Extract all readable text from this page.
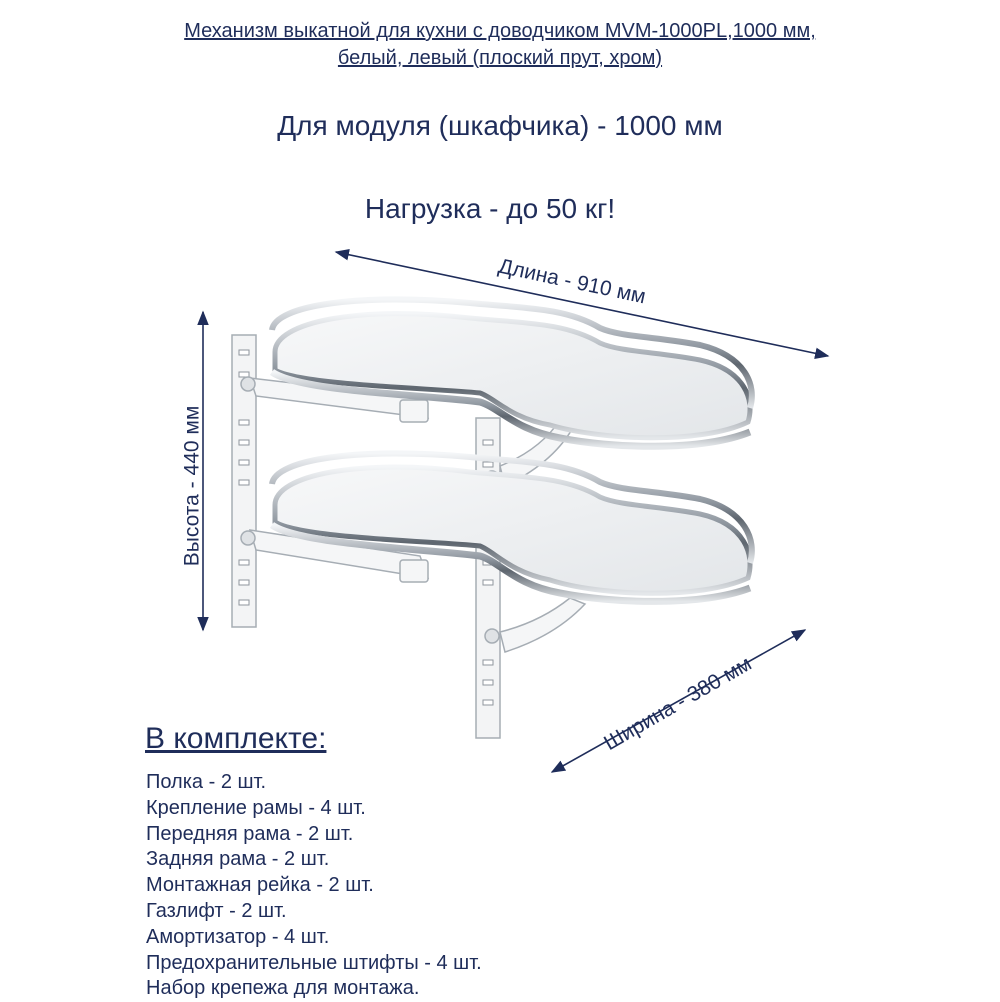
Механизм выкатной для кухни с доводчиком MVM-1000PL,1000 мм,
белый, левый (плоский прут, хром)
Для модуля (шкафчика) - 1000 мм
Нагрузка - до 50 кг!
Длина - 910 мм
Высота - 440 мм
Ширина - 380 мм
В комплекте:
Полка - 2 шт.
Крепление рамы - 4 шт.
Передняя рама - 2 шт.
Задняя рама - 2 шт.
Монтажная рейка - 2 шт.
Газлифт - 2 шт.
Амортизатор - 4 шт.
Предохранительные штифты - 4 шт.
Набор крепежа для монтажа.
